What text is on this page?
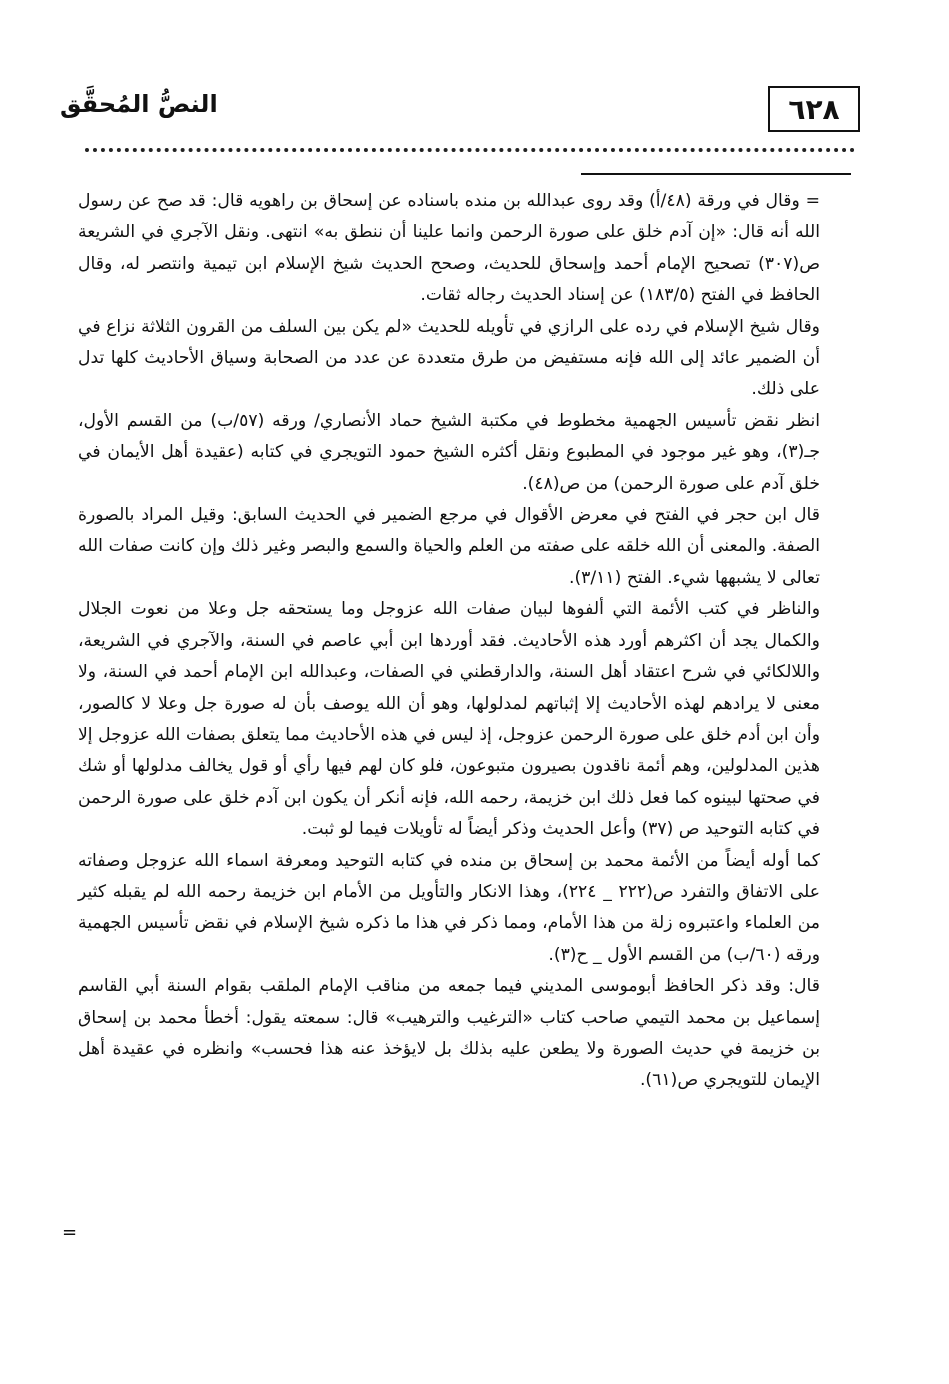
٦٢٨
النصُّ المُحقَّق

= وقال في ورقة (٤٨/أ) وقد روى عبدالله بن منده باسناده عن إسحاق بن راهويه قال: قد صح عن رسول الله أنه قال: «إن آدم خلق على صورة الرحمن وانما علينا أن ننطق به» انتهى. ونقل الآجري في الشريعة ص(٣٠٧) تصحيح الإمام أحمد وإسحاق للحديث، وصحح الحديث شيخ الإسلام ابن تيمية وانتصر له، وقال الحافظ في الفتح (١٨٣/٥) عن إسناد الحديث رجاله ثقات.

وقال شيخ الإسلام في رده على الرازي في تأويله للحديث «لم يكن بين السلف من القرون الثلاثة نزاع في أن الضمير عائد إلى الله فإنه مستفيض من طرق متعددة عن عدد من الصحابة وسياق الأحاديث كلها تدل على ذلك.

انظر نقض تأسيس الجهمية مخطوط في مكتبة الشيخ حماد الأنصاري/ ورقه (٥٧/ب) من القسم الأول، جـ(٣)، وهو غير موجود في المطبوع ونقل أكثره الشيخ حمود التويجري في كتابه (عقيدة أهل الأيمان في خلق آدم على صورة الرحمن) من ص(٤٨).

قال ابن حجر في الفتح في معرض الأقوال في مرجع الضمير في الحديث السابق: وقيل المراد بالصورة الصفة. والمعنى أن الله خلقه على صفته من العلم والحياة والسمع والبصر وغير ذلك وإن كانت صفات الله تعالى لا يشبهها شيء. الفتح (٣/١١).

والناظر في كتب الأئمة التي ألفوها لبيان صفات الله عزوجل وما يستحقه جل وعلا من نعوت الجلال والكمال يجد أن اكثرهم أورد هذه الأحاديث. فقد أوردها ابن أبي عاصم في السنة، والآجري في الشريعة، واللالكائي في شرح اعتقاد أهل السنة، والدارقطني في الصفات، وعبدالله ابن الإمام أحمد في السنة، ولا معنى لا يرادهم لهذه الأحاديث إلا إثباتهم لمدلولها، وهو أن الله يوصف بأن له صورة جل وعلا لا كالصور، وأن ابن أدم خلق على صورة الرحمن عزوجل، إذ ليس في هذه الأحاديث مما يتعلق بصفات الله عزوجل إلا هذين المدلولين، وهم أئمة ناقدون بصيرون متبوعون، فلو كان لهم فيها رأي أو قول يخالف مدلولها أو شك في صحتها لبينوه كما فعل ذلك ابن خزيمة، رحمه الله، فإنه أنكر أن يكون ابن آدم خلق على صورة الرحمن في كتابه التوحيد ص (٣٧) وأعل الحديث وذكر أيضاً له تأويلات فيما لو ثبت.

كما أوله أيضاً من الأئمة محمد بن إسحاق بن منده في كتابه التوحيد ومعرفة اسماء الله عزوجل وصفاته على الاتفاق والتفرد ص(٢٢٢ _ ٢٢٤)، وهذا الانكار والتأويل من الأمام ابن خزيمة رحمه الله لم يقبله كثير من العلماء واعتبروه زلة من هذا الأمام، ومما ذكر في هذا ما ذكره شيخ الإسلام في نقض تأسيس الجهمية ورقه (٦٠/ب) من القسم الأول _ ح(٣).

قال: وقد ذكر الحافظ أبوموسى المديني فيما جمعه من مناقب الإمام الملقب بقوام السنة أبي القاسم إسماعيل بن محمد التيمي صاحب كتاب «الترغيب والترهيب» قال: سمعته يقول: أخطأ محمد بن إسحاق بن خزيمة في حديث الصورة ولا يطعن عليه بذلك بل لايؤخذ عنه هذا فحسب» وانظره في عقيدة أهل الإيمان للتويجري ص(٦١).

=
